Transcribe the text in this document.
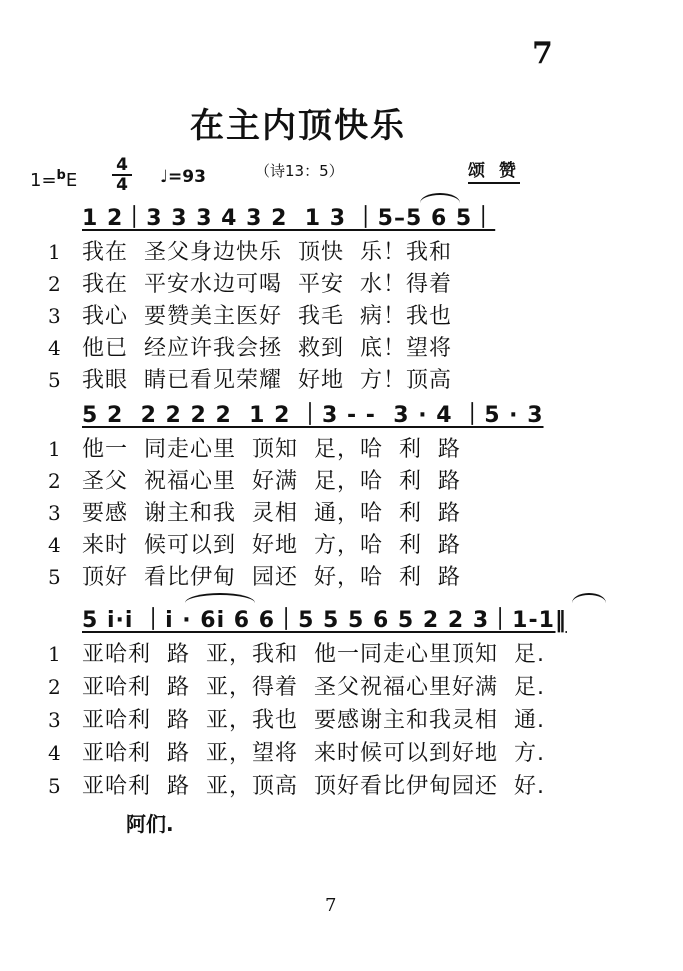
7
在主内顶快乐
1=$^b$E
4
4 ♩=93	（诗13：5）	颂 赞
1 2｜3 3 3 4 3 2  1 3 ｜5–5 6 5｜
1 我在  圣父身边快乐  顶快  乐！我和
2 我在  平安水边可喝  平安  水！得着
3 我心  要赞美主医好  我毛  病！我也
4 他已  经应许我会拯  救到  底！望将
5 我眼  睛已看见荣耀  好地  方！顶高
5 2  2 2 2 2  1 2 ｜3 - -  3 · 4 ｜5 · 3
1 他一  同走心里  顶知  足，哈  利  路
2 圣父  祝福心里  好满  足，哈  利  路
3 要感  谢主和我  灵相  通，哈  利  路
4 来时  候可以到  好地  方，哈  利  路
5 顶好  看比伊甸  园还  好，哈  利  路
5 i·i ｜i · 6i 6 6｜5 5 5 6 5 2 2 3｜1-1‖
1 亚哈利  路  亚，我和  他一同走心里顶知  足.
2 亚哈利  路  亚，得着  圣父祝福心里好满  足.
3 亚哈利  路  亚，我也  要感谢主和我灵相  通.
4 亚哈利  路  亚，望将  来时候可以到好地  方.
5 亚哈利  路  亚，顶高  顶好看比伊甸园还  好.
阿们.
7
